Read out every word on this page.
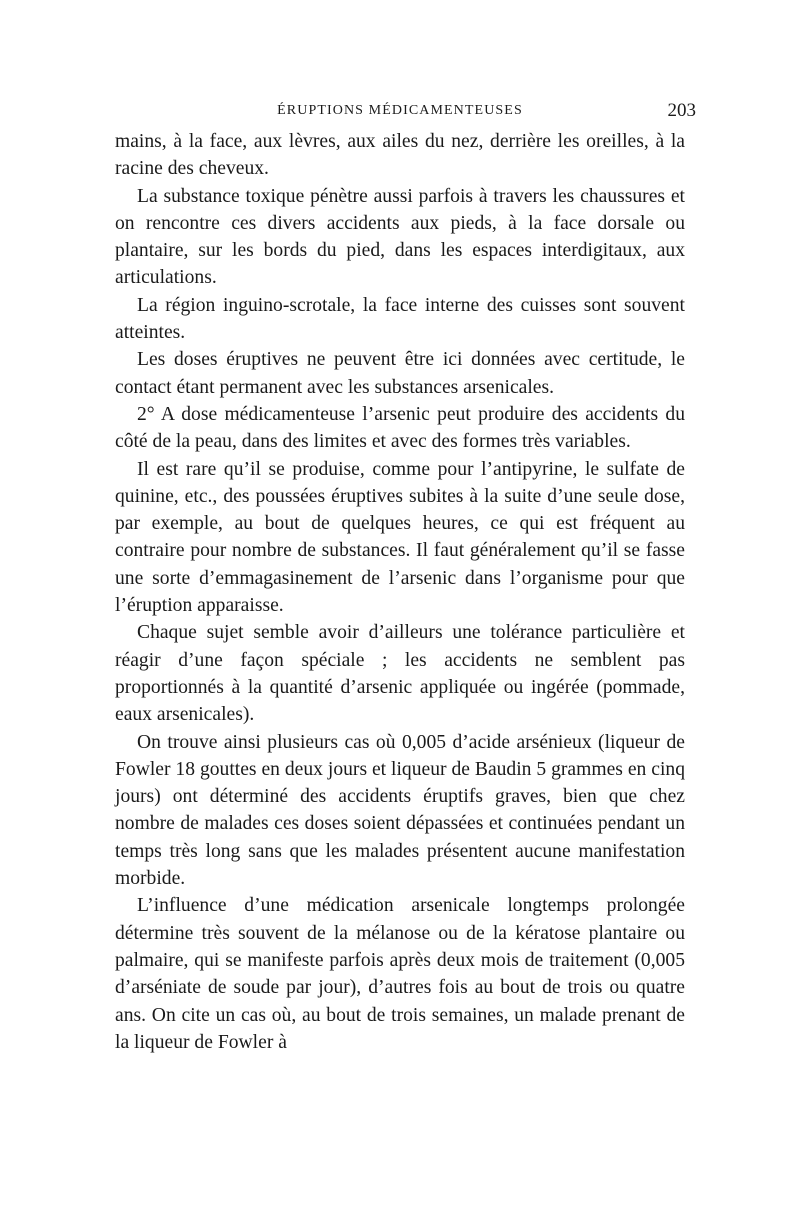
ÉRUPTIONS MÉDICAMENTEUSES	203

mains, à la face, aux lèvres, aux ailes du nez, derrière les oreilles, à la racine des cheveux.

La substance toxique pénètre aussi parfois à travers les chaussures et on rencontre ces divers accidents aux pieds, à la face dorsale ou plantaire, sur les bords du pied, dans les espaces interdigitaux, aux articulations.

La région inguino-scrotale, la face interne des cuisses sont souvent atteintes.

Les doses éruptives ne peuvent être ici données avec certitude, le contact étant permanent avec les substances arsenicales.

2° A dose médicamenteuse l’arsenic peut produire des accidents du côté de la peau, dans des limites et avec des formes très variables.

Il est rare qu’il se produise, comme pour l’antipyrine, le sulfate de quinine, etc., des poussées éruptives subites à la suite d’une seule dose, par exemple, au bout de quelques heures, ce qui est fréquent au contraire pour nombre de substances. Il faut généralement qu’il se fasse une sorte d’emmagasinement de l’arsenic dans l’organisme pour que l’éruption apparaisse.

Chaque sujet semble avoir d’ailleurs une tolérance particulière et réagir d’une façon spéciale ; les accidents ne semblent pas proportionnés à la quantité d’arsenic appliquée ou ingérée (pommade, eaux arsenicales).

On trouve ainsi plusieurs cas où 0,005 d’acide arsénieux (liqueur de Fowler 18 gouttes en deux jours et liqueur de Baudin 5 grammes en cinq jours) ont déterminé des accidents éruptifs graves, bien que chez nombre de malades ces doses soient dépassées et continuées pendant un temps très long sans que les malades présentent aucune manifestation morbide.

L’influence d’une médication arsenicale longtemps prolongée détermine très souvent de la mélanose ou de la kératose plantaire ou palmaire, qui se manifeste parfois après deux mois de traitement (0,005 d’arséniate de soude par jour), d’autres fois au bout de trois ou quatre ans. On cite un cas où, au bout de trois semaines, un malade prenant de la liqueur de Fowler à
